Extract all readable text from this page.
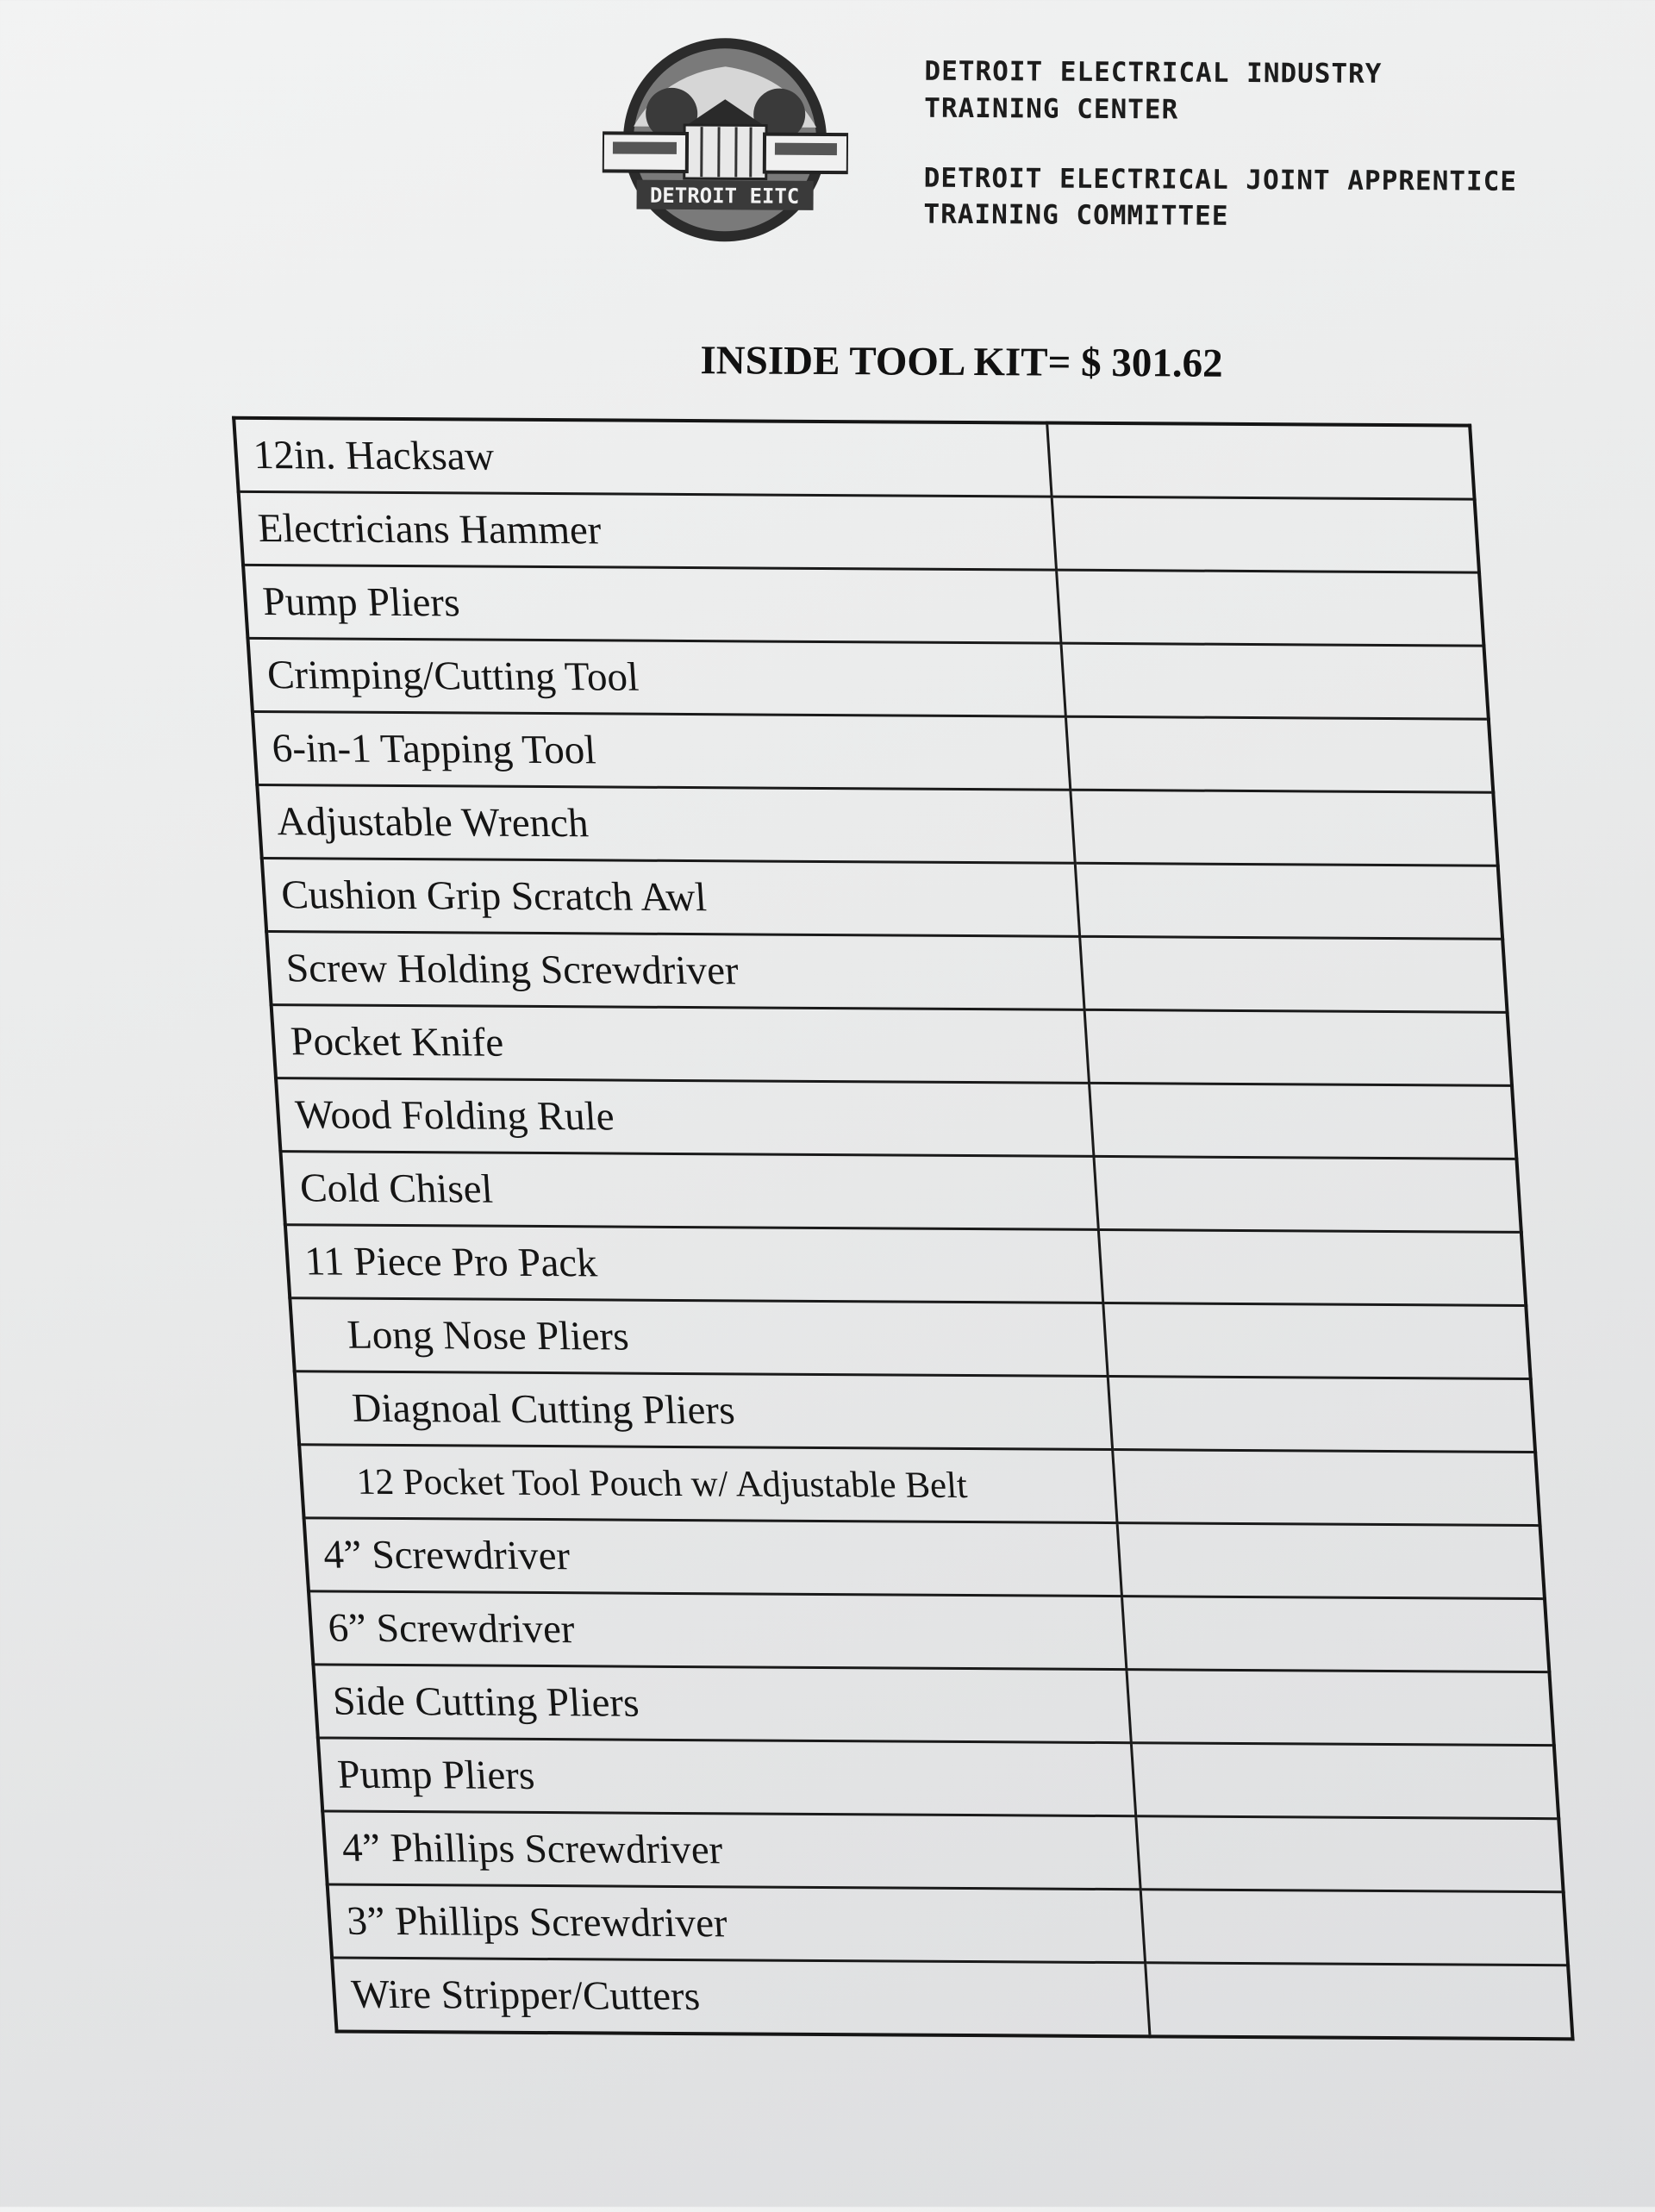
DETROIT EITC
DETROIT ELECTRICAL INDUSTRY
TRAINING CENTER
DETROIT ELECTRICAL JOINT APPRENTICE
TRAINING COMMITTEE
INSIDE TOOL KIT= $ 301.62
12in. Hacksaw	
Electricians Hammer	
Pump Pliers	
Crimping/Cutting Tool	
6-in-1 Tapping Tool	
Adjustable Wrench	
Cushion Grip Scratch Awl	
Screw Holding Screwdriver	
Pocket Knife	
Wood Folding Rule	
Cold Chisel	
11 Piece Pro Pack	
Long Nose Pliers	
Diagnoal Cutting Pliers	
12 Pocket Tool Pouch w/ Adjustable Belt	
4” Screwdriver	
6” Screwdriver	
Side Cutting Pliers	
Pump Pliers	
4” Phillips Screwdriver	
3” Phillips Screwdriver	
Wire Stripper/Cutters	
